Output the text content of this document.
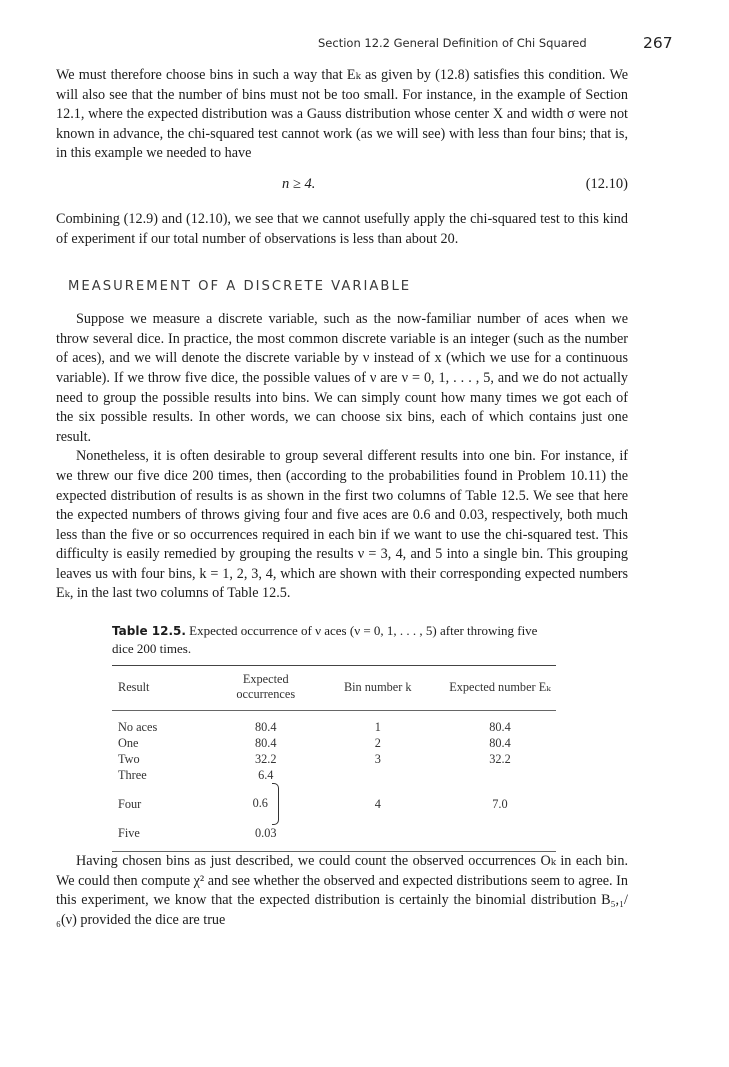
Section 12.2 General Definition of Chi Squared	267

We must therefore choose bins in such a way that Eₖ as given by (12.8) satisfies this condition. We will also see that the number of bins must not be too small. For instance, in the example of Section 12.1, where the expected distribution was a Gauss distribution whose center X and width σ were not known in advance, the chi-squared test cannot work (as we will see) with less than four bins; that is, in this example we needed to have

n ≥ 4.	(12.10)

Combining (12.9) and (12.10), we see that we cannot usefully apply the chi-squared test to this kind of experiment if our total number of observations is less than about 20.

MEASUREMENT OF A DISCRETE VARIABLE

Suppose we measure a discrete variable, such as the now-familiar number of aces when we throw several dice. In practice, the most common discrete variable is an integer (such as the number of aces), and we will denote the discrete variable by ν instead of x (which we use for a continuous variable). If we throw five dice, the possible values of ν are ν = 0, 1, . . . , 5, and we do not actually need to group the possible results into bins. We can simply count how many times we got each of the six possible results. In other words, we can choose six bins, each of which contains just one result.

Nonetheless, it is often desirable to group several different results into one bin. For instance, if we threw our five dice 200 times, then (according to the probabilities found in Problem 10.11) the expected distribution of results is as shown in the first two columns of Table 12.5. We see that here the expected numbers of throws giving four and five aces are 0.6 and 0.03, respectively, both much less than the five or so occurrences required in each bin if we want to use the chi-squared test. This difficulty is easily remedied by grouping the results ν = 3, 4, and 5 into a single bin. This grouping leaves us with four bins, k = 1, 2, 3, 4, which are shown with their corresponding expected numbers Eₖ, in the last two columns of Table 12.5.

Table 12.5. Expected occurrence of ν aces (ν = 0, 1, . . . , 5) after throwing five dice 200 times.
Result	Expected occurrences	Bin number k	Expected number Eₖ
No aces	80.4	1	80.4
One	80.4	2	80.4
Two	32.2	3	32.2
Three	6.4		
Four	0.6	4	7.0
Five	0.03		

Having chosen bins as just described, we could count the observed occurrences Oₖ in each bin. We could then compute χ² and see whether the observed and expected distributions seem to agree. In this experiment, we know that the expected distribution is certainly the binomial distribution B₅,₁/₆(ν) provided the dice are true
